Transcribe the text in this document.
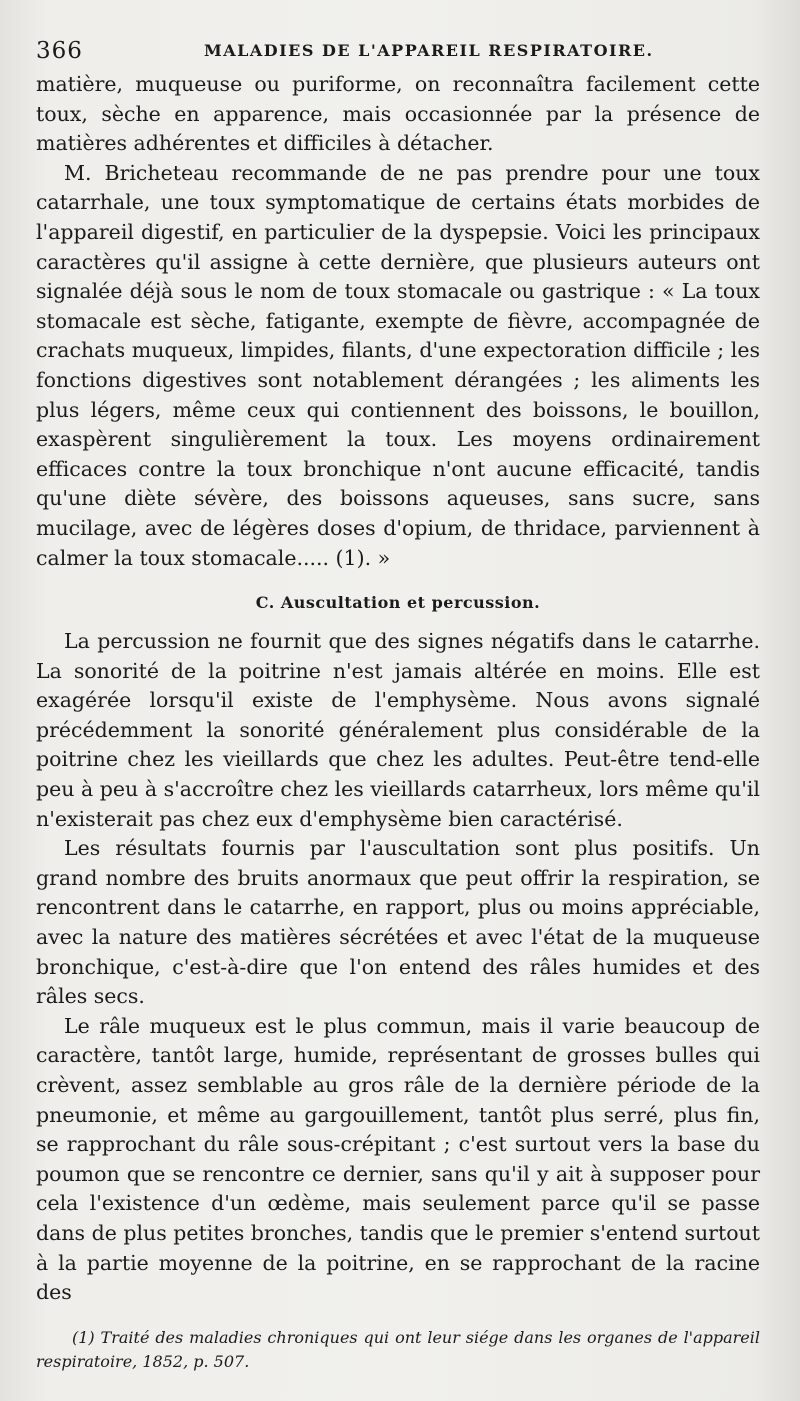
366	MALADIES DE L'APPAREIL RESPIRATOIRE.

matière, muqueuse ou puriforme, on reconnaîtra facilement cette toux, sèche en apparence, mais occasionnée par la présence de matières adhérentes et difficiles à détacher.

M. Bricheteau recommande de ne pas prendre pour une toux catarrhale, une toux symptomatique de certains états morbides de l'appareil digestif, en particulier de la dyspepsie. Voici les principaux caractères qu'il assigne à cette dernière, que plusieurs auteurs ont signalée déjà sous le nom de toux stomacale ou gastrique : « La toux stomacale est sèche, fatigante, exempte de fièvre, accompagnée de crachats muqueux, limpides, filants, d'une expectoration difficile ; les fonctions digestives sont notablement dérangées ; les aliments les plus légers, même ceux qui contiennent des boissons, le bouillon, exaspèrent singulièrement la toux. Les moyens ordinairement efficaces contre la toux bronchique n'ont aucune efficacité, tandis qu'une diète sévère, des boissons aqueuses, sans sucre, sans mucilage, avec de légères doses d'opium, de thridace, parviennent à calmer la toux stomacale..... (1). »

C. Auscultation et percussion.

La percussion ne fournit que des signes négatifs dans le catarrhe. La sonorité de la poitrine n'est jamais altérée en moins. Elle est exagérée lorsqu'il existe de l'emphysème. Nous avons signalé précédemment la sonorité généralement plus considérable de la poitrine chez les vieillards que chez les adultes. Peut-être tend-elle peu à peu à s'accroître chez les vieillards catarrheux, lors même qu'il n'existerait pas chez eux d'emphysème bien caractérisé.

Les résultats fournis par l'auscultation sont plus positifs. Un grand nombre des bruits anormaux que peut offrir la respiration, se rencontrent dans le catarrhe, en rapport, plus ou moins appréciable, avec la nature des matières sécrétées et avec l'état de la muqueuse bronchique, c'est-à-dire que l'on entend des râles humides et des râles secs.

Le râle muqueux est le plus commun, mais il varie beaucoup de caractère, tantôt large, humide, représentant de grosses bulles qui crèvent, assez semblable au gros râle de la dernière période de la pneumonie, et même au gargouillement, tantôt plus serré, plus fin, se rapprochant du râle sous-crépitant ; c'est surtout vers la base du poumon que se rencontre ce dernier, sans qu'il y ait à supposer pour cela l'existence d'un œdème, mais seulement parce qu'il se passe dans de plus petites bronches, tandis que le premier s'entend surtout à la partie moyenne de la poitrine, en se rapprochant de la racine des

(1) Traité des maladies chroniques qui ont leur siége dans les organes de l'appareil respiratoire, 1852, p. 507.
